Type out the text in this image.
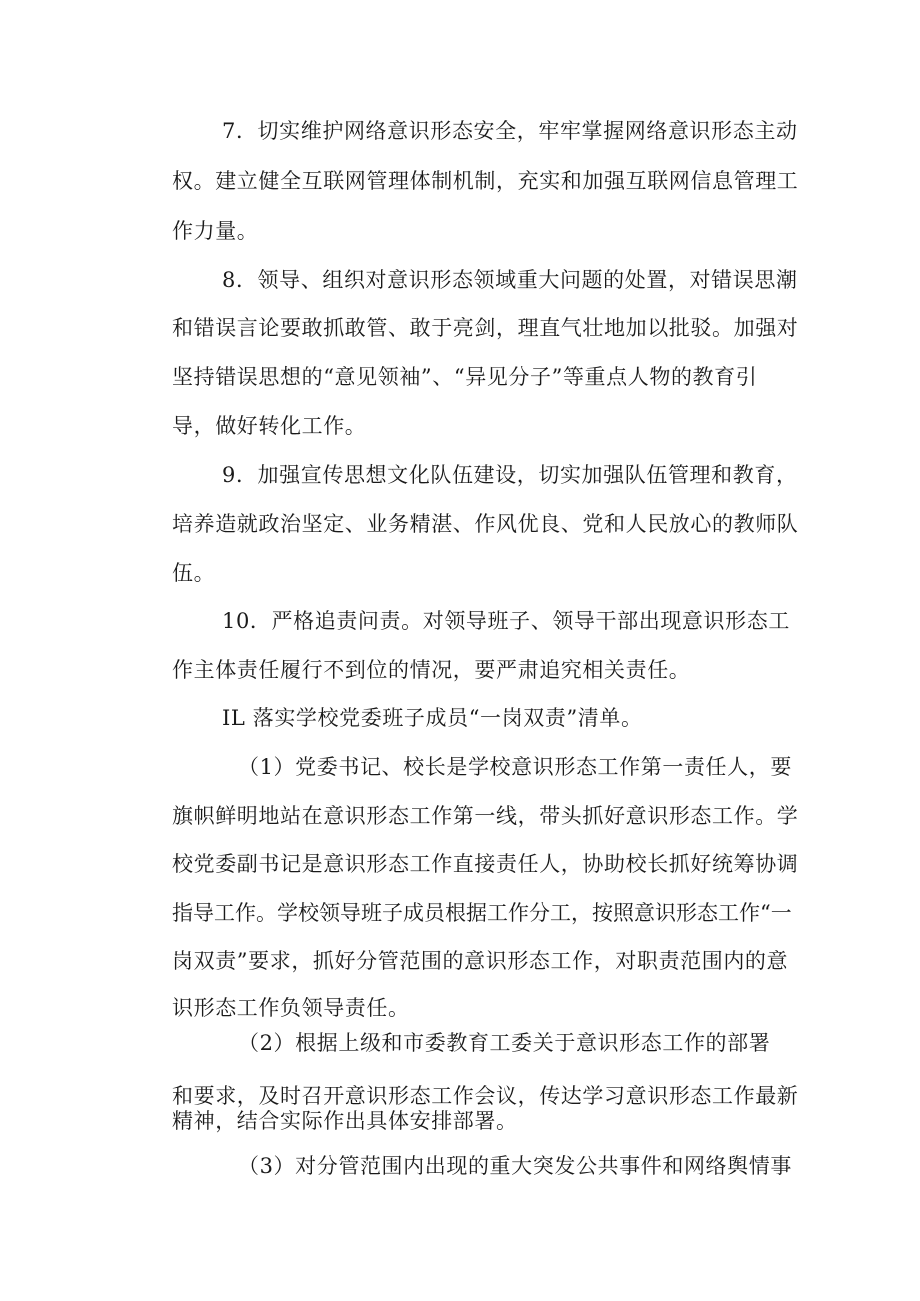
7．切实维护网络意识形态安全，牢牢掌握网络意识形态主动
权。建立健全互联网管理体制机制，充实和加强互联网信息管理工
作力量。
8．领导、组织对意识形态领域重大问题的处置，对错误思潮
和错误言论要敢抓敢管、敢于亮剑，理直气壮地加以批驳。加强对
坚持错误思想的“意见领袖”、“异见分子”等重点人物的教育引
导，做好转化工作。
9．加强宣传思想文化队伍建设，切实加强队伍管理和教育，
培养造就政治坚定、业务精湛、作风优良、党和人民放心的教师队
伍。
10．严格追责问责。对领导班子、领导干部出现意识形态工
作主体责任履行不到位的情况，要严肃追究相关责任。
IL 落实学校党委班子成员“一岗双责”清单。
（1）党委书记、校长是学校意识形态工作第一责任人，要
旗帜鲜明地站在意识形态工作第一线，带头抓好意识形态工作。学
校党委副书记是意识形态工作直接责任人，协助校长抓好统筹协调
指导工作。学校领导班子成员根据工作分工，按照意识形态工作“一
岗双责”要求，抓好分管范围的意识形态工作，对职责范围内的意
识形态工作负领导责任。
（2）根据上级和市委教育工委关于意识形态工作的部署
和要求，及时召开意识形态工作会议，传达学习意识形态工作最新
精神，结合实际作出具体安排部署。
（3）对分管范围内出现的重大突发公共事件和网络舆情事
